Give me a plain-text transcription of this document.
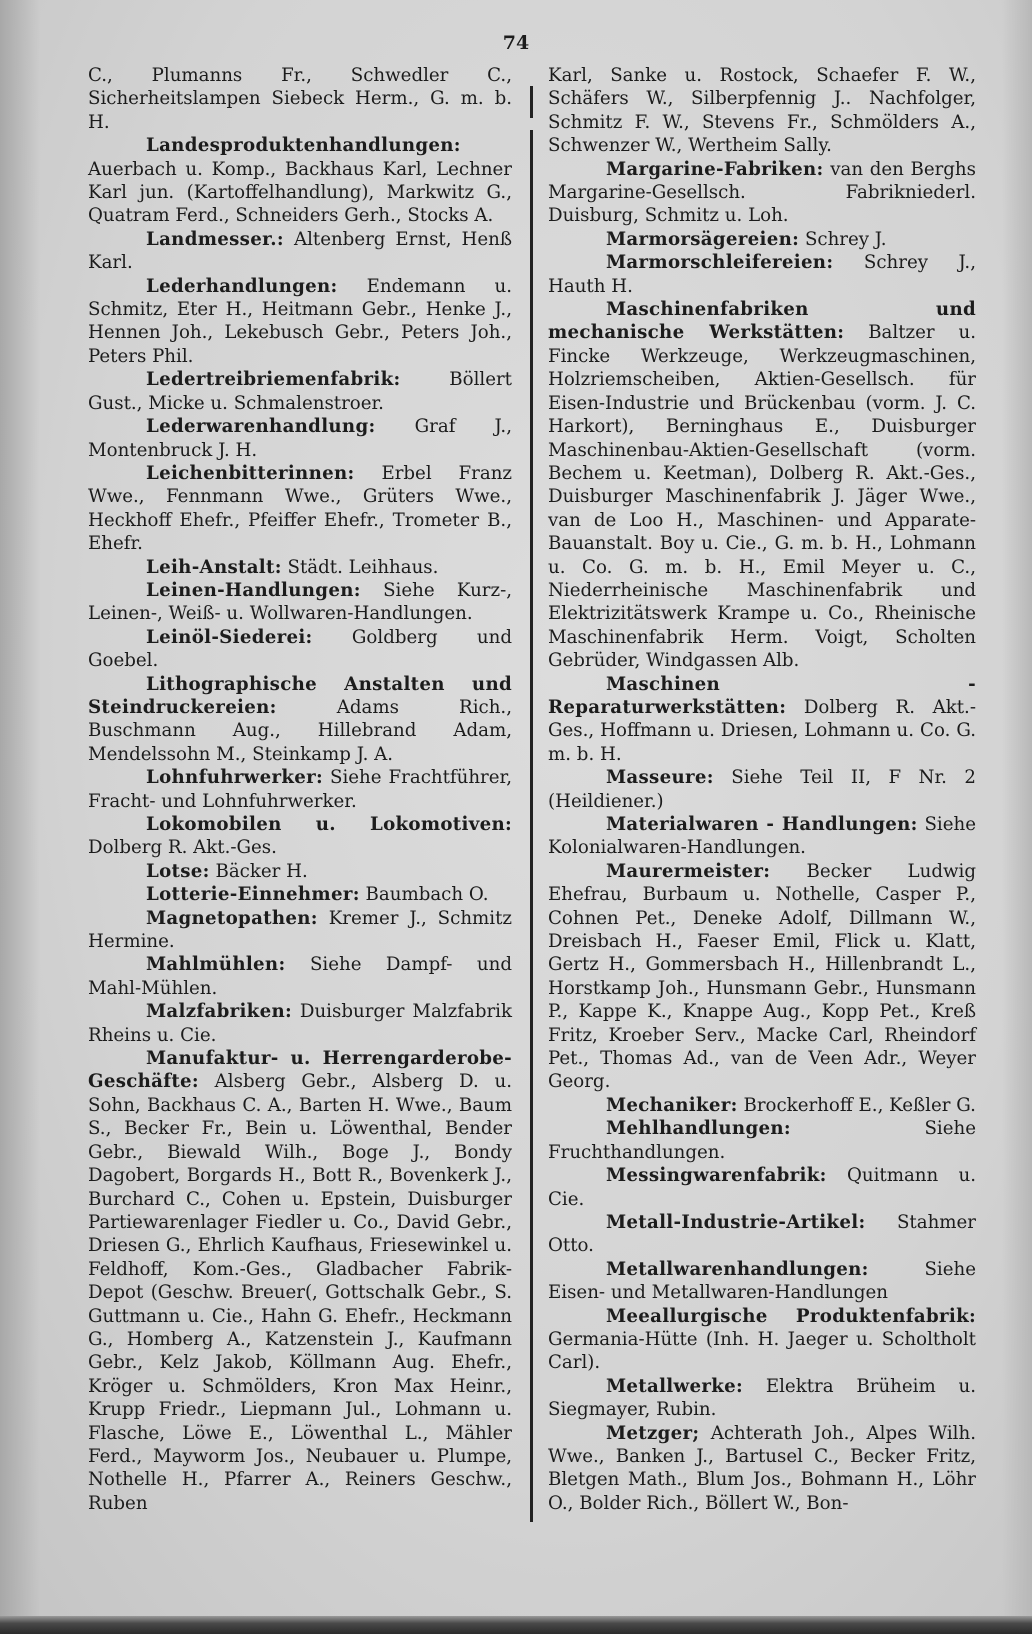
74

C., Plumanns Fr., Schwedler C., Sicherheitslampen Siebeck Herm., G. m. b. H.

Landesproduktenhandlungen: Auerbach u. Komp., Backhaus Karl, Lechner Karl jun. (Kartoffelhandlung), Markwitz G., Quatram Ferd., Schneiders Gerh., Stocks A.

Landmesser.: Altenberg Ernst, Henß Karl.

Lederhandlungen: Endemann u. Schmitz, Eter H., Heitmann Gebr., Henke J., Hennen Joh., Lekebusch Gebr., Peters Joh., Peters Phil.

Ledertreibriemenfabrik:	Böllert Gust., Micke u. Schmalenstroer.

Lederwarenhandlung: Graf J., Montenbruck J. H.

Leichenbitterinnen: Erbel Franz Wwe., Fennmann Wwe., Grüters Wwe., Heckhoff Ehefr., Pfeiffer Ehefr., Trometer B., Ehefr.

Leih-Anstalt: Städt. Leihhaus.

Leinen-Handlungen: Siehe Kurz-, Leinen-, Weiß- u. Wollwaren-Handlungen.

Leinöl-Siederei: Goldberg und Goebel.

Lithographische Anstalten und Steindruckereien:	Adams Rich., Buschmann Aug., Hillebrand Adam, Mendelssohn M., Steinkamp J. A.

Lohnfuhrwerker: Siehe Frachtführer, Fracht- und Lohnfuhrwerker.

Lokomobilen u. Lokomotiven: Dolberg R. Akt.-Ges.

Lotse: Bäcker H.

Lotterie-Einnehmer: Baumbach O.

Magnetopathen: Kremer J., Schmitz Hermine.

Mahlmühlen: Siehe Dampf- und Mahl-Mühlen.

Malzfabriken: Duisburger Malzfabrik Rheins u. Cie.

Manufaktur- u. Herrengarderobe-Geschäfte: Alsberg Gebr., Alsberg D. u. Sohn, Backhaus C. A., Barten H. Wwe., Baum S., Becker Fr., Bein u. Löwenthal, Bender Gebr., Biewald Wilh., Boge J., Bondy Dagobert, Borgards H., Bott R., Bovenkerk J., Burchard C., Cohen u. Epstein, Duisburger Partiewarenlager Fiedler u. Co., David Gebr., Driesen G., Ehrlich Kaufhaus, Friesewinkel u. Feldhoff, Kom.-Ges., Gladbacher Fabrik-Depot (Geschw. Breuer(, Gottschalk Gebr., S. Guttmann u. Cie., Hahn G. Ehefr., Heckmann G., Homberg A., Katzenstein J., Kaufmann Gebr., Kelz Jakob, Köllmann Aug. Ehefr., Kröger u. Schmölders, Kron Max Heinr., Krupp Friedr., Liepmann Jul., Lohmann u. Flasche, Löwe E., Löwenthal L., Mähler Ferd., Mayworm Jos., Neubauer u. Plumpe, Nothelle H., Pfarrer A., Reiners Geschw., Ruben

Karl, Sanke u. Rostock, Schaefer F. W., Schäfers W., Silberpfennig J.. Nachfolger, Schmitz F. W., Stevens Fr., Schmölders A., Schwenzer W., Wertheim Sally.

Margarine-Fabriken: van den Berghs Margarine-Gesellsch. Fabrikniederl. Duisburg, Schmitz u. Loh.

Marmorsägereien: Schrey J.

Marmorschleifereien: Schrey J., Hauth H.

Maschinenfabriken und mechanische Werkstätten: Baltzer u. Fincke Werkzeuge, Werkzeugmaschinen, Holzriemscheiben, Aktien-Gesellsch. für Eisen-Industrie und Brückenbau (vorm. J. C. Harkort), Berninghaus E., Duisburger Maschinenbau-Aktien-Gesellschaft (vorm. Bechem u. Keetman), Dolberg R. Akt.-Ges., Duisburger Maschinenfabrik J. Jäger Wwe., van de Loo H., Maschinen- und Apparate-Bauanstalt. Boy u. Cie., G. m. b. H., Lohmann u. Co. G. m. b. H., Emil Meyer u. C., Niederrheinische Maschinenfabrik und Elektrizitätswerk Krampe u. Co., Rheinische Maschinenfabrik Herm. Voigt, Scholten Gebrüder, Windgassen Alb.

Maschinen - Reparaturwerkstätten: Dolberg R. Akt.-Ges., Hoffmann u. Driesen, Lohmann u. Co. G. m. b. H.

Masseure: Siehe Teil II, F Nr. 2 (Heildiener.)

Materialwaren - Handlungen: Siehe Kolonialwaren-Handlungen.

Maurermeister: Becker Ludwig Ehefrau, Burbaum u. Nothelle, Casper P., Cohnen Pet., Deneke Adolf, Dillmann W., Dreisbach H., Faeser Emil, Flick u. Klatt, Gertz H., Gommersbach H., Hillenbrandt L., Horstkamp Joh., Hunsmann Gebr., Hunsmann P., Kappe K., Knappe Aug., Kopp Pet., Kreß Fritz, Kroeber Serv., Macke Carl, Rheindorf Pet., Thomas Ad., van de Veen Adr., Weyer Georg.

Mechaniker: Brockerhoff E., Keßler G.

Mehlhandlungen:	Siehe Fruchthandlungen.

Messingwarenfabrik: Quitmann u. Cie.

Metall-Industrie-Artikel: Stahmer Otto.

Metallwarenhandlungen:	Siehe Eisen- und Metallwaren-Handlungen

Meeallurgische Produktenfabrik: Germania-Hütte (Inh. H. Jaeger u. Scholtholt Carl).

Metallwerke: Elektra Brüheim u. Siegmayer, Rubin.

Metzger; Achterath Joh., Alpes Wilh. Wwe., Banken J., Bartusel C., Becker Fritz, Bletgen Math., Blum Jos., Bohmann H., Löhr O., Bolder Rich., Böllert W., Bon-
